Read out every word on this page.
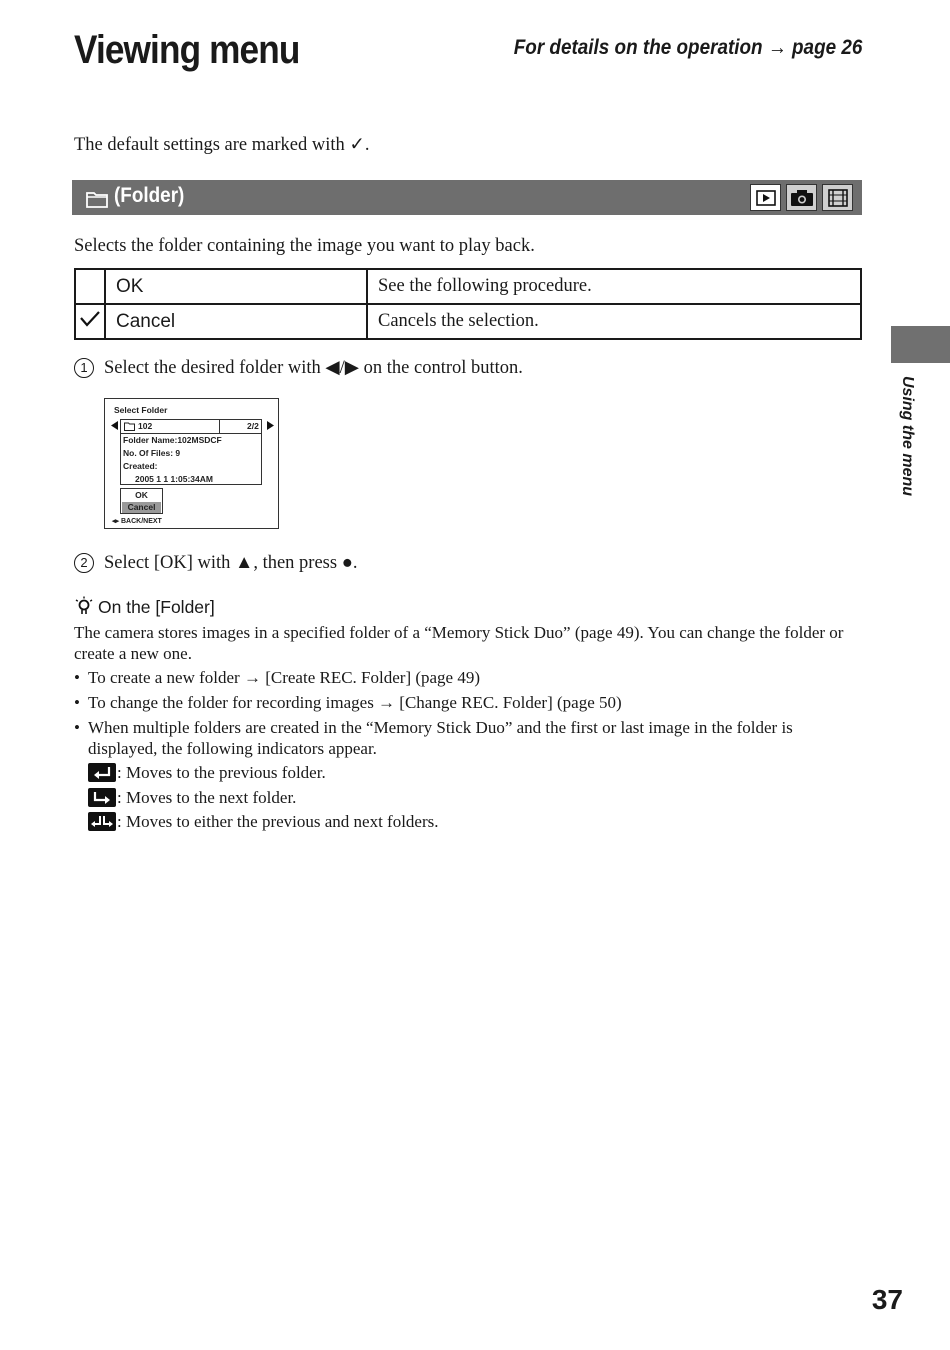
Viewing menu	For details on the operation → page 26
The default settings are marked with ✓.
(Folder)
Selects the folder containing the image you want to play back.
	OK	See the following procedure.
	Cancel	Cancels the selection.
1 Select the desired folder with ◀/▶ on the control button.
Select Folder
102	2/2
Folder Name:102MSDCF
No. Of Files: 9
Created:
2005 1 1 1:05:34AM
OK
Cancel
◂▸ BACK/NEXT
2 Select [OK] with ▲, then press ●.
On the [Folder]
The camera stores images in a specified folder of a “Memory Stick Duo” (page 49). You can change the folder or create a new one.
• To create a new folder → [Create REC. Folder] (page 49)
• To change the folder for recording images → [Change REC. Folder] (page 50)
• When multiple folders are created in the “Memory Stick Duo” and the first or last image in the folder is displayed, the following indicators appear.
: Moves to the previous folder.
: Moves to the next folder.
: Moves to either the previous and next folders.
Using the menu
37
